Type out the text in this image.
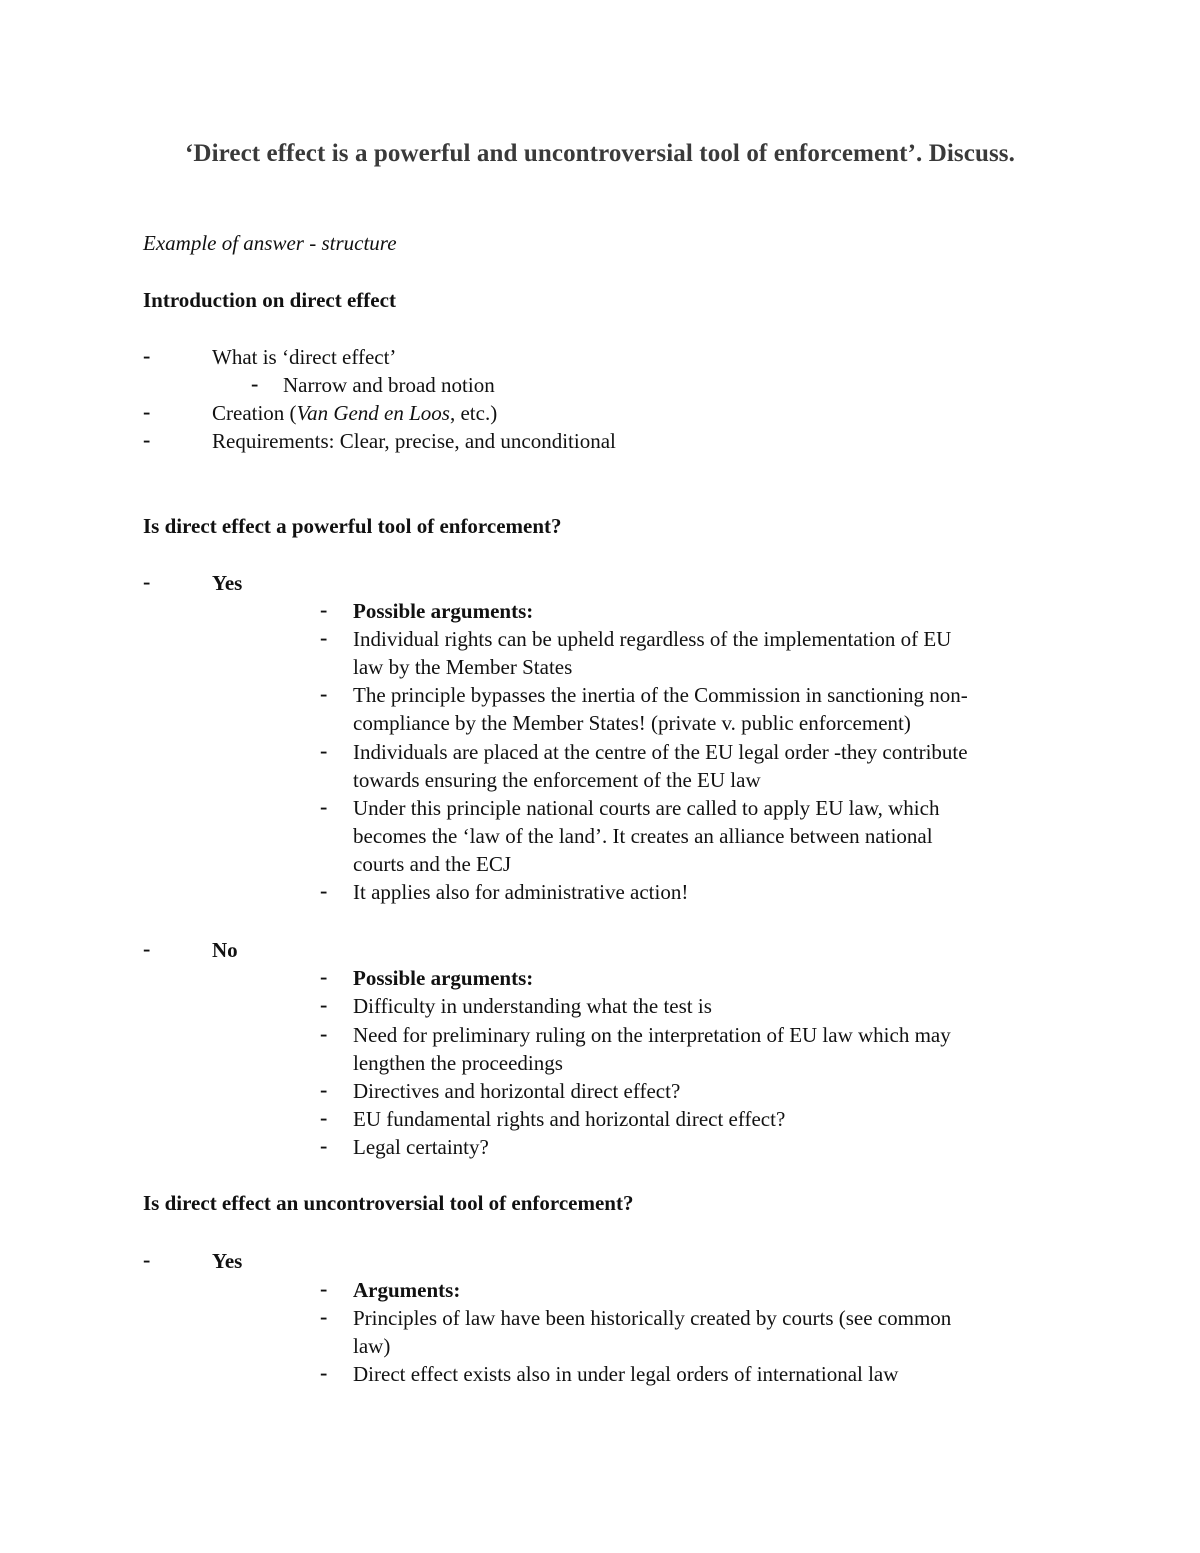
‘Direct effect is a powerful and uncontroversial tool of enforcement’. Discuss.
Example of answer - structure
Introduction on direct effect
-	What is ‘direct effect’
- Narrow and broad notion
-	Creation (Van Gend en Loos, etc.)
-	Requirements: Clear, precise, and unconditional
Is direct effect a powerful tool of enforcement?
-	Yes
- Possible arguments:
- Individual rights can be upheld regardless of the implementation of EU
law by the Member States
- The principle bypasses the inertia of the Commission in sanctioning non-
compliance by the Member States! (private v. public enforcement)
- Individuals are placed at the centre of the EU legal order -they contribute
towards ensuring the enforcement of the EU law
- Under this principle national courts are called to apply EU law, which
becomes the ‘law of the land’. It creates an alliance between national
courts and the ECJ
- It applies also for administrative action!
-	No
- Possible arguments:
- Difficulty in understanding what the test is
- Need for preliminary ruling on the interpretation of EU law which may
lengthen the proceedings
- Directives and horizontal direct effect?
- EU fundamental rights and horizontal direct effect?
- Legal certainty?
Is direct effect an uncontroversial tool of enforcement?
-	Yes
- Arguments:
- Principles of law have been historically created by courts (see common
law)
- Direct effect exists also in under legal orders of international law
